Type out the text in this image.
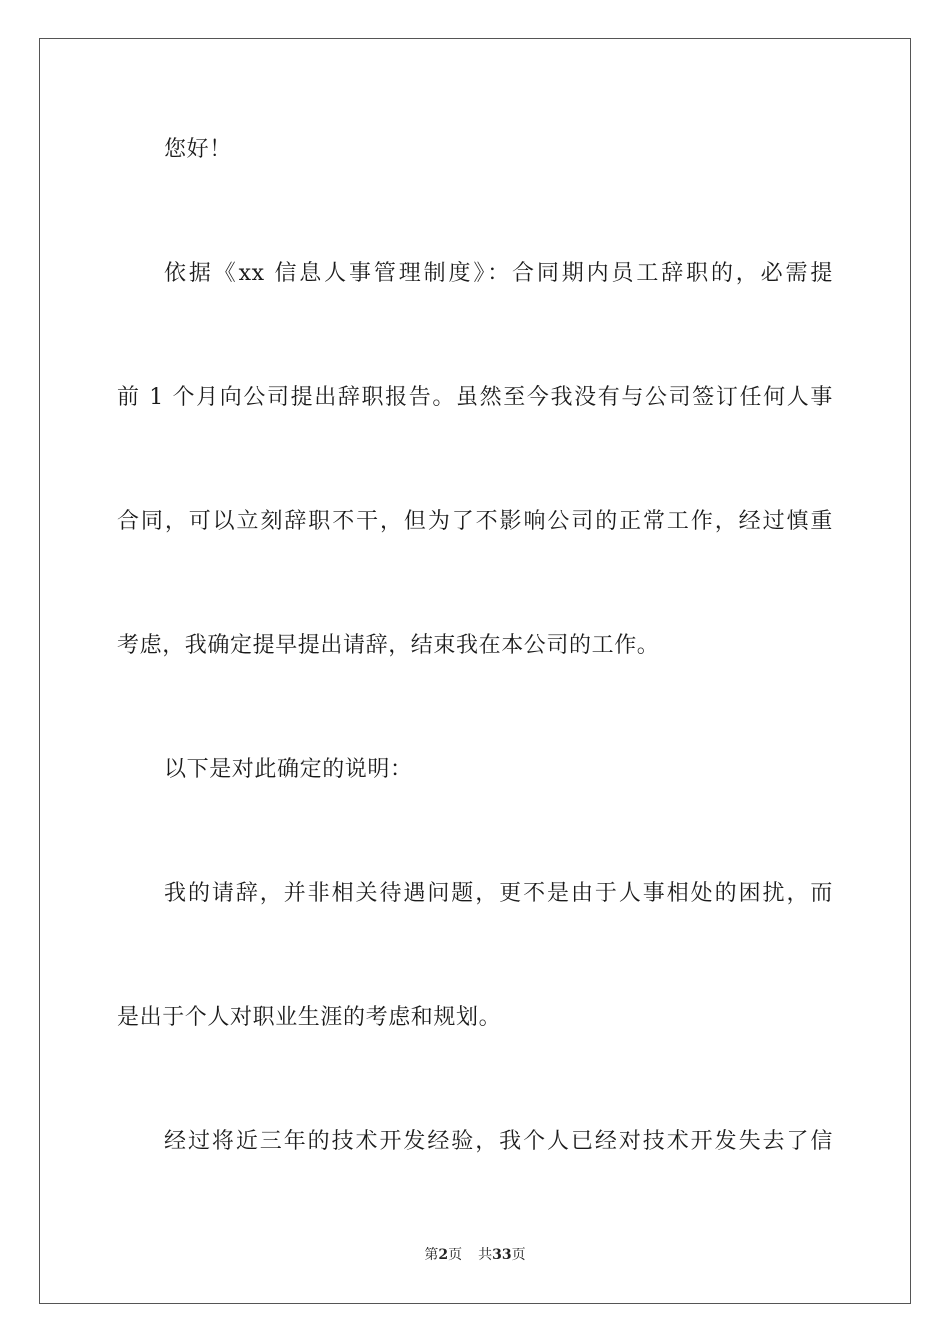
您好！
依据《xx 信息人事管理制度》：合同期内员工辞职的，必需提
前 1 个月向公司提出辞职报告。虽然至今我没有与公司签订任何人事
合同，可以立刻辞职不干，但为了不影响公司的正常工作，经过慎重
考虑，我确定提早提出请辞，结束我在本公司的工作。
以下是对此确定的说明：
我的请辞，并非相关待遇问题，更不是由于人事相处的困扰，而
是出于个人对职业生涯的考虑和规划。
经过将近三年的技术开发经验，我个人已经对技术开发失去了信
第2页 共33页
